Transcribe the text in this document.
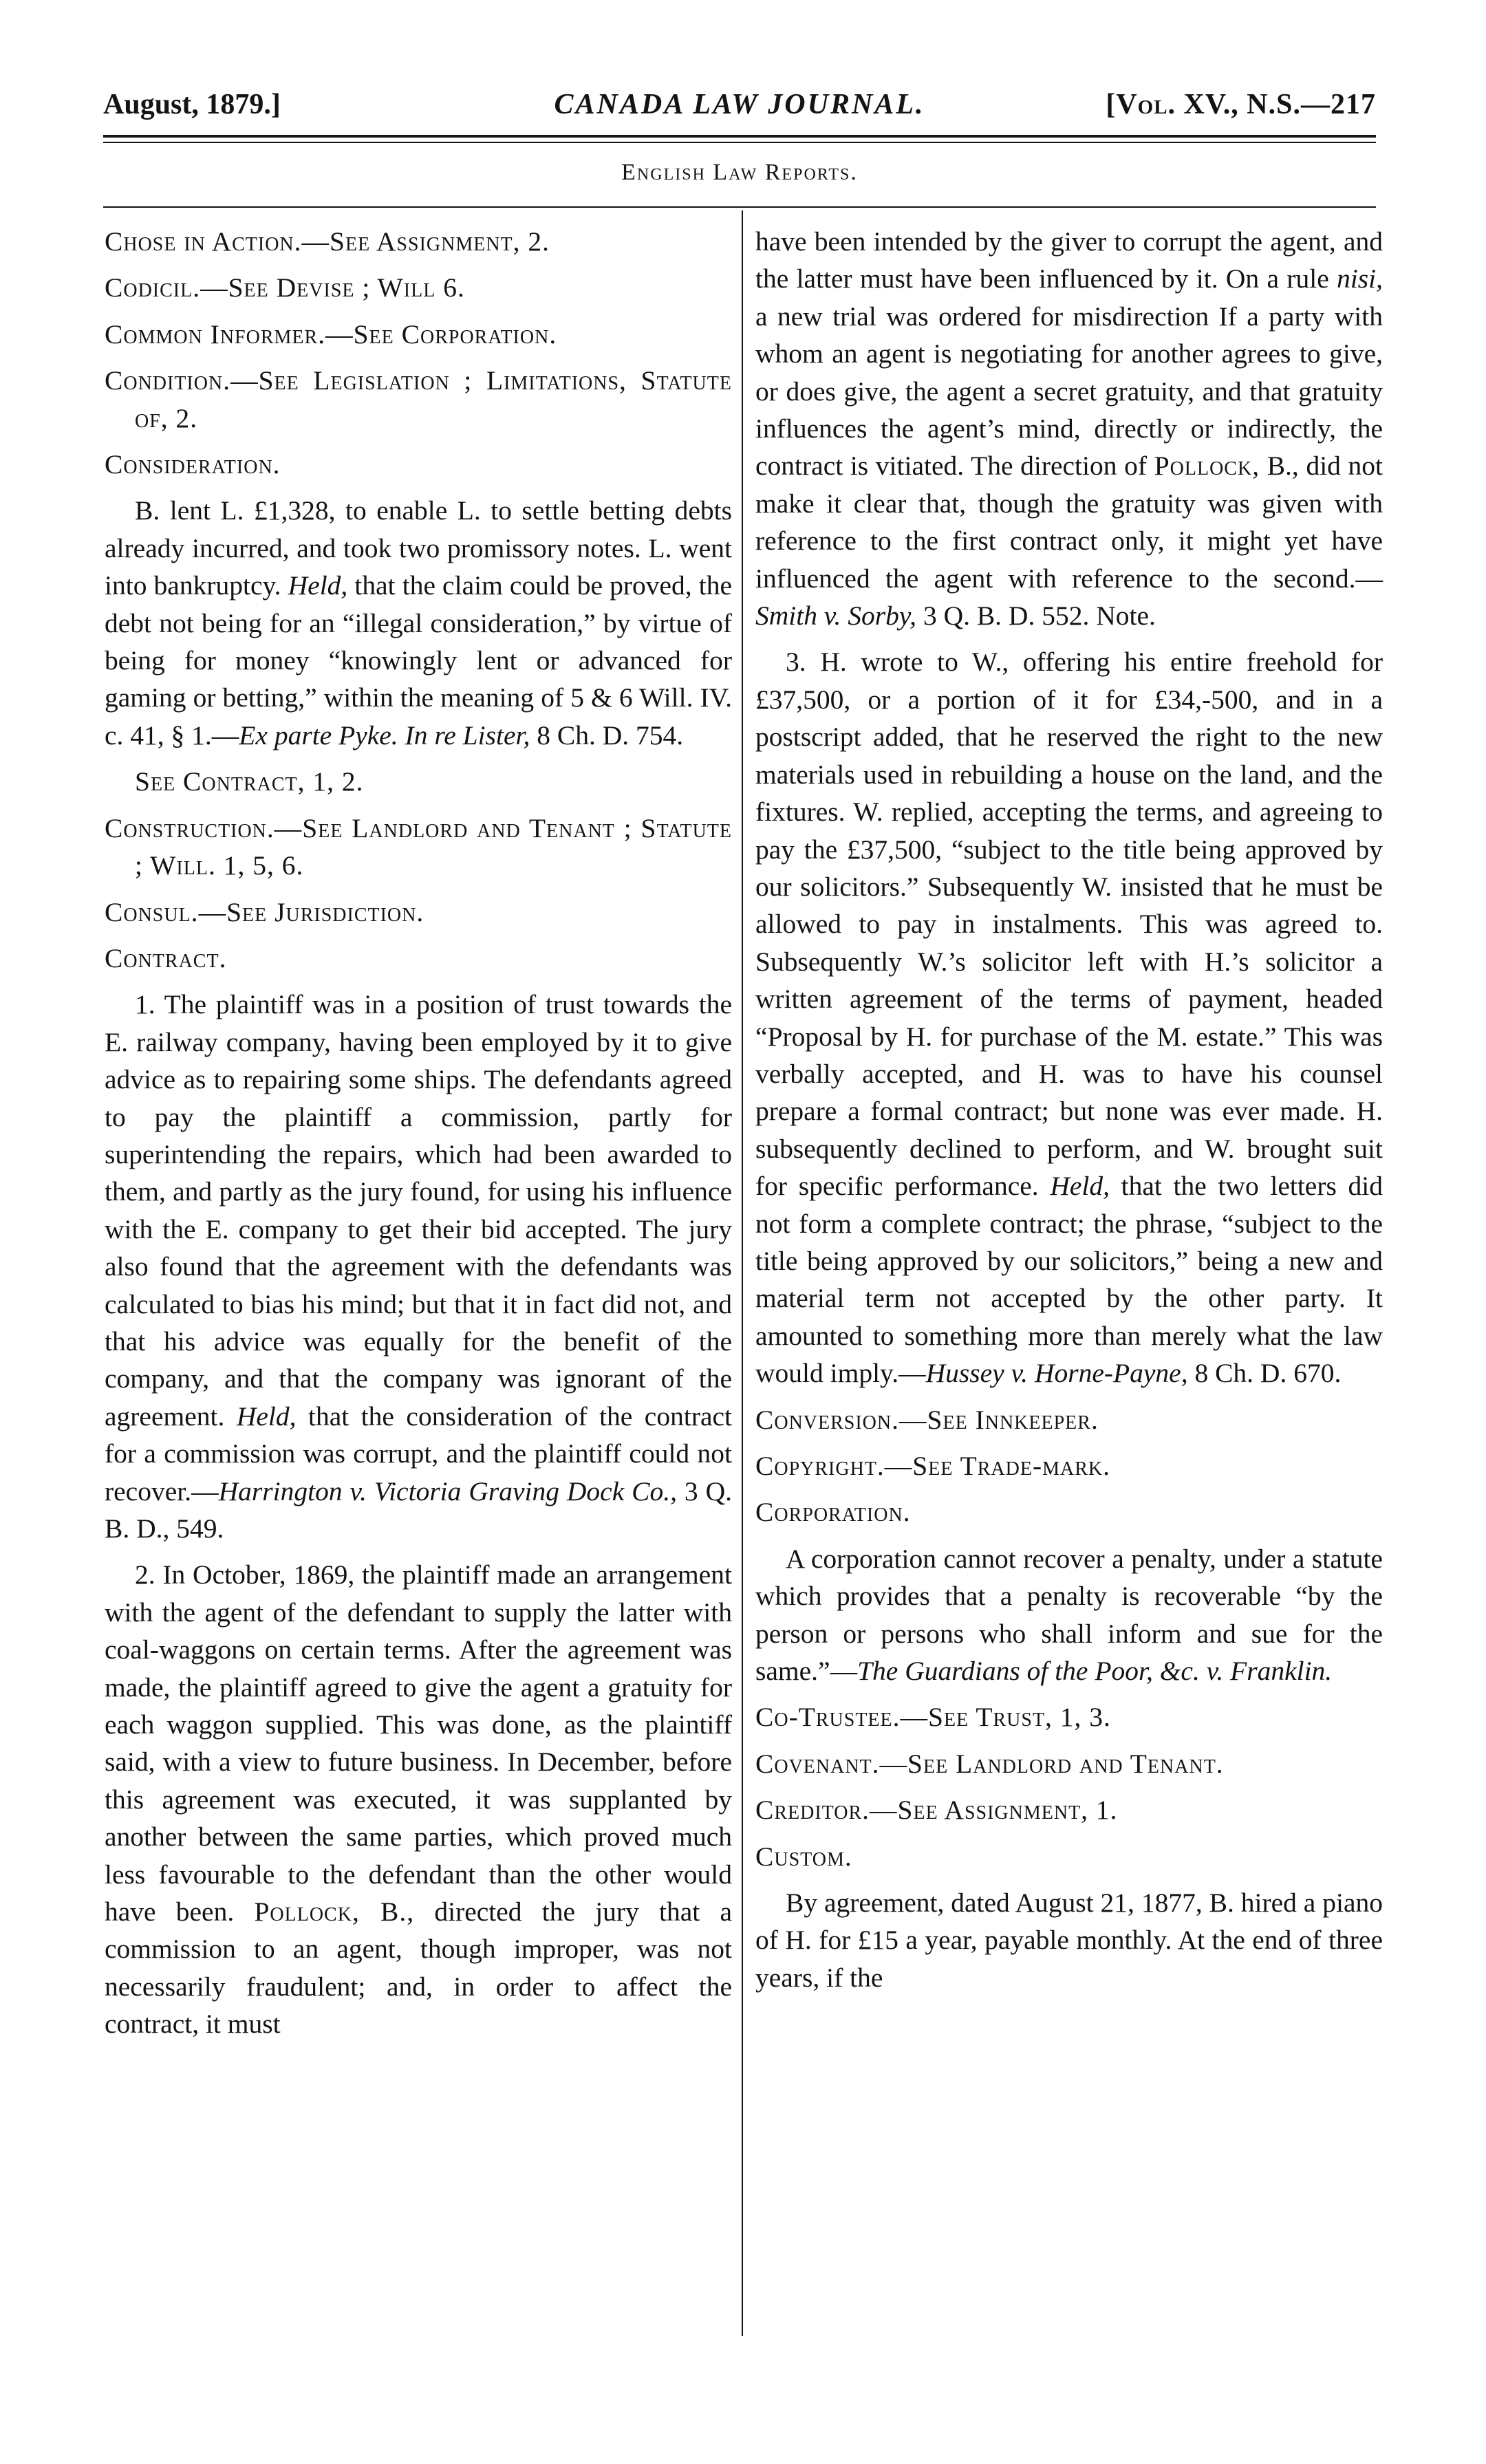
August, 1879.]	CANADA LAW JOURNAL.	[Vol. XV., N.S.—217
English Law Reports.

Chose in Action.—See Assignment, 2.

Codicil.—See Devise ; Will 6.

Common Informer.—See Corporation.

Condition.—See Legislation ; Limitations, Statute of, 2.

Consideration.

B. lent L. £1,328, to enable L. to settle betting debts already incurred, and took two promissory notes. L. went into bankruptcy. Held, that the claim could be proved, the debt not being for an “illegal consideration,” by virtue of being for money “knowingly lent or advanced for gaming or betting,” within the meaning of 5 & 6 Will. IV. c. 41, § 1.—Ex parte Pyke. In re Lister, 8 Ch. D. 754.

See Contract, 1, 2.

Construction.—See Landlord and Tenant ; Statute ; Will. 1, 5, 6.

Consul.—See Jurisdiction.

Contract.

1. The plaintiff was in a position of trust towards the E. railway company, having been employed by it to give advice as to repairing some ships. The defendants agreed to pay the plaintiff a commission, partly for superintending the repairs, which had been awarded to them, and partly as the jury found, for using his influence with the E. company to get their bid accepted. The jury also found that the agreement with the defendants was calculated to bias his mind; but that it in fact did not, and that his advice was equally for the benefit of the company, and that the company was ignorant of the agreement. Held, that the consideration of the contract for a commission was corrupt, and the plaintiff could not recover.—Harrington v. Victoria Graving Dock Co., 3 Q. B. D., 549.

2. In October, 1869, the plaintiff made an arrangement with the agent of the defendant to supply the latter with coal-waggons on certain terms. After the agreement was made, the plaintiff agreed to give the agent a gratuity for each waggon supplied. This was done, as the plaintiff said, with a view to future business. In December, before this agreement was executed, it was supplanted by another between the same parties, which proved much less favourable to the defendant than the other would have been. Pollock, B., directed the jury that a commission to an agent, though improper, was not necessarily fraudulent; and, in order to affect the contract, it must

have been intended by the giver to corrupt the agent, and the latter must have been influenced by it. On a rule nisi, a new trial was ordered for misdirection If a party with whom an agent is negotiating for another agrees to give, or does give, the agent a secret gratuity, and that gratuity influences the agent’s mind, directly or indirectly, the contract is vitiated. The direction of Pollock, B., did not make it clear that, though the gratuity was given with reference to the first contract only, it might yet have influenced the agent with reference to the second.—Smith v. Sorby, 3 Q. B. D. 552. Note.

3. H. wrote to W., offering his entire freehold for £37,500, or a portion of it for £34,-500, and in a postscript added, that he reserved the right to the new materials used in rebuilding a house on the land, and the fixtures. W. replied, accepting the terms, and agreeing to pay the £37,500, “subject to the title being approved by our solicitors.” Subsequently W. insisted that he must be allowed to pay in instalments. This was agreed to. Subsequently W.’s solicitor left with H.’s solicitor a written agreement of the terms of payment, headed “Proposal by H. for purchase of the M. estate.” This was verbally accepted, and H. was to have his counsel prepare a formal contract; but none was ever made. H. subsequently declined to perform, and W. brought suit for specific performance. Held, that the two letters did not form a complete contract; the phrase, “subject to the title being approved by our solicitors,” being a new and material term not accepted by the other party. It amounted to something more than merely what the law would imply.—Hussey v. Horne-Payne, 8 Ch. D. 670.

Conversion.—See Innkeeper.

Copyright.—See Trade-mark.

Corporation.

A corporation cannot recover a penalty, under a statute which provides that a penalty is recoverable “by the person or persons who shall inform and sue for the same.”—The Guardians of the Poor, &c. v. Franklin.

Co-Trustee.—See Trust, 1, 3.

Covenant.—See Landlord and Tenant.

Creditor.—See Assignment, 1.

Custom.

By agreement, dated August 21, 1877, B. hired a piano of H. for £15 a year, payable monthly. At the end of three years, if the
